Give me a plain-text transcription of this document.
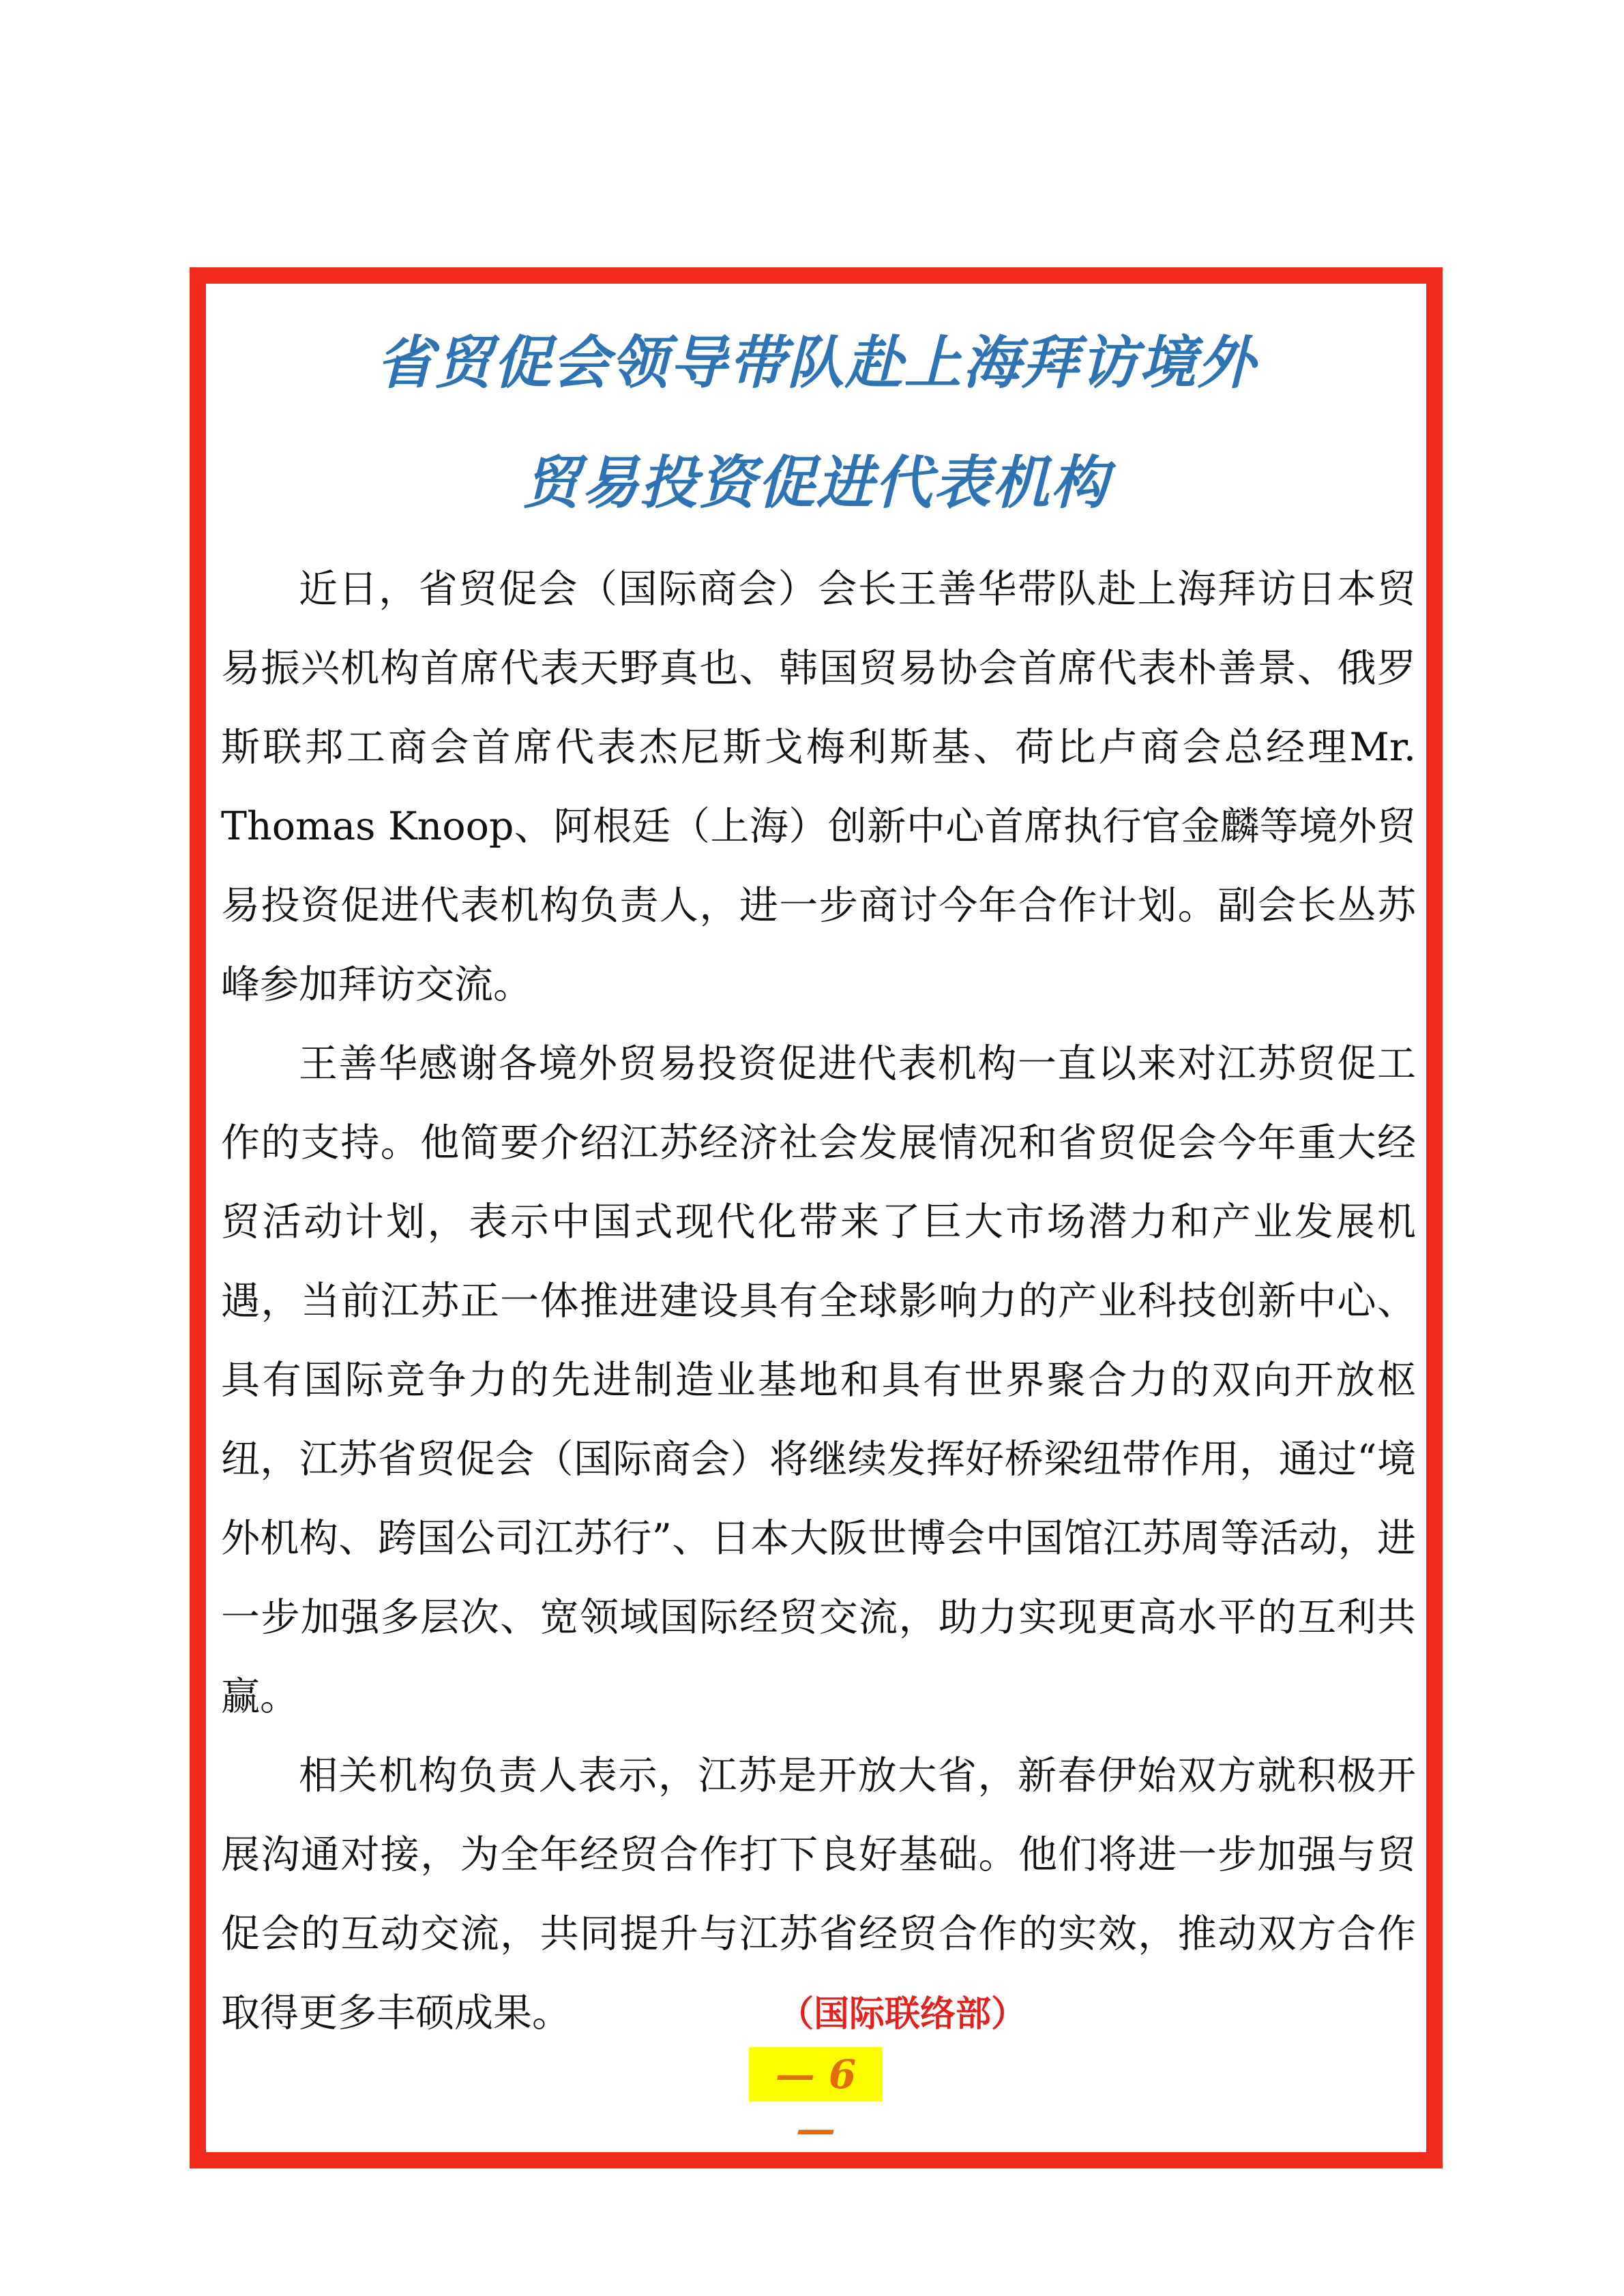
省贸促会领导带队赴上海拜访境外
贸易投资促进代表机构

近日，省贸促会（国际商会）会长王善华带队赴上海拜访日本贸易振兴机构首席代表天野真也、韩国贸易协会首席代表朴善景、俄罗斯联邦工商会首席代表杰尼斯戈梅利斯基、荷比卢商会总经理Mr. Thomas Knoop、阿根廷（上海）创新中心首席执行官金麟等境外贸易投资促进代表机构负责人，进一步商讨今年合作计划。副会长丛苏峰参加拜访交流。

王善华感谢各境外贸易投资促进代表机构一直以来对江苏贸促工作的支持。他简要介绍江苏经济社会发展情况和省贸促会今年重大经贸活动计划，表示中国式现代化带来了巨大市场潜力和产业发展机遇，当前江苏正一体推进建设具有全球影响力的产业科技创新中心、具有国际竞争力的先进制造业基地和具有世界聚合力的双向开放枢纽，江苏省贸促会（国际商会）将继续发挥好桥梁纽带作用，通过“境外机构、跨国公司江苏行”、日本大阪世博会中国馆江苏周等活动，进一步加强多层次、宽领域国际经贸交流，助力实现更高水平的互利共赢。

相关机构负责人表示，江苏是开放大省，新春伊始双方就积极开展沟通对接，为全年经贸合作打下良好基础。他们将进一步加强与贸促会的互动交流，共同提升与江苏省经贸合作的实效，推动双方合作取得更多丰硕成果。	（国际联络部）

— 6 —
